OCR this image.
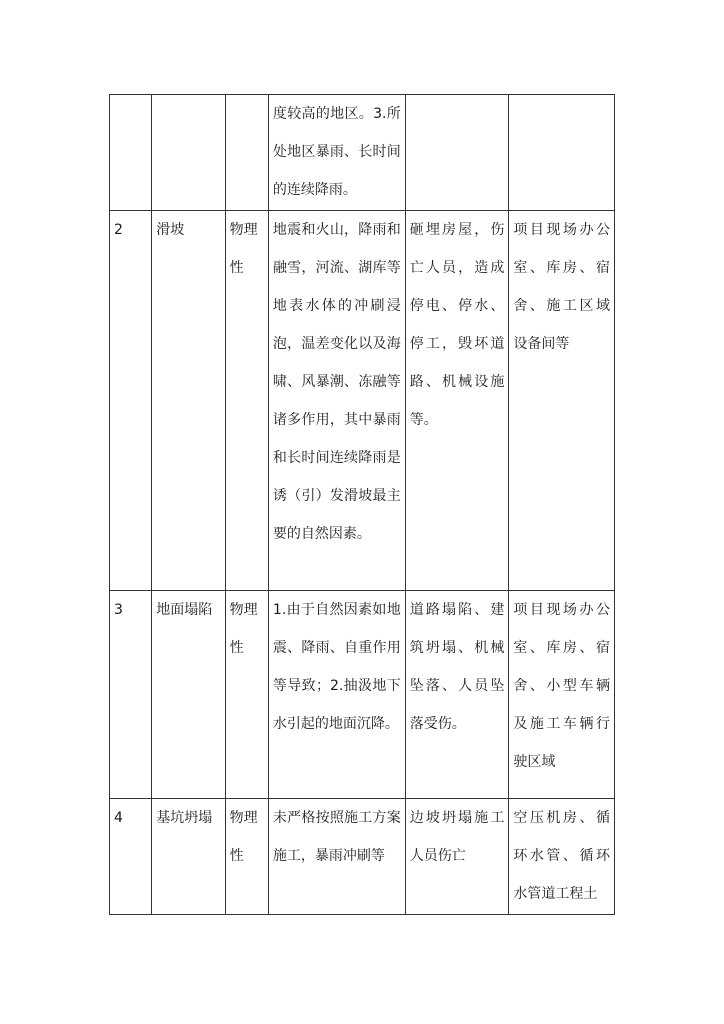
			度较高的地区。3.所处地区暴雨、长时间的连续降雨。		

2	滑坡	物理性	地震和火山，降雨和融雪，河流、湖库等地表水体的冲刷浸泡，温差变化以及海啸、风暴潮、冻融等诸多作用，其中暴雨和长时间连续降雨是诱（引）发滑坡最主要的自然因素。	砸埋房屋，伤亡人员，造成停电、停水、停工，毁坏道路、机械设施等。	项目现场办公室、库房、宿舍、施工区域设备间等

3	地面塌陷	物理性	1.由于自然因素如地震、降雨、自重作用等导致；2.抽汲地下水引起的地面沉降。	道路塌陷、建筑坍塌、机械坠落、人员坠落受伤。	项目现场办公室、库房、宿舍、小型车辆及施工车辆行驶区域

4	基坑坍塌	物理性	未严格按照施工方案施工，暴雨冲刷等	边坡坍塌施工人员伤亡	空压机房、循环水管、循环水管道工程土
